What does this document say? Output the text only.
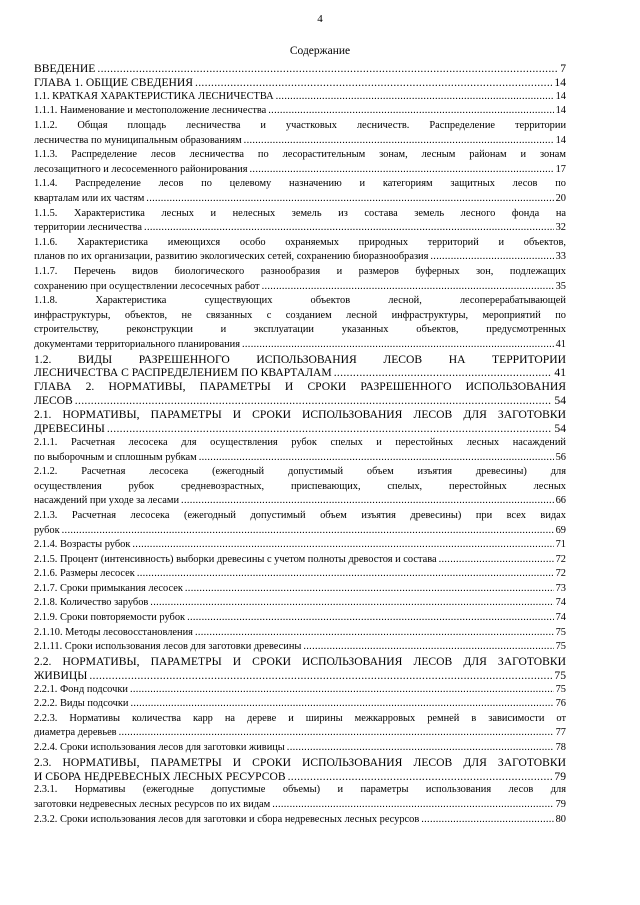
4
Содержание
ВВЕДЕНИЕ .....	7
ГЛАВА 1. ОБЩИЕ СВЕДЕНИЯ .....	14
1.1. КРАТКАЯ ХАРАКТЕРИСТИКА ЛЕСНИЧЕСТВА .....	14
1.1.1. Наименование и местоположение лесничества .....	14
1.1.2. Общая площадь лесничества и участковых лесничеств. Распределение территории
лесничества по муниципальным образованиям .....	14
1.1.3. Распределение лесов лесничества по лесорастительным зонам, лесным районам и зонам
лесозащитного и лесосеменного районирования .....	17
1.1.4. Распределение лесов по целевому назначению и категориям защитных лесов по
кварталам или их частям .....	20
1.1.5. Характеристика лесных и нелесных земель из состава земель лесного фонда на
территории лесничества .....	32
1.1.6. Характеристика имеющихся особо охраняемых природных территорий и объектов,
планов по их организации, развитию экологических сетей, сохранению биоразнообразия .....	33
1.1.7. Перечень видов биологического разнообразия и размеров буферных зон, подлежащих
сохранению при осуществлении лесосечных работ .....	35
1.1.8. Характеристика существующих объектов лесной, лесоперерабатывающей
инфраструктуры, объектов, не связанных с созданием лесной инфраструктуры, мероприятий по
строительству, реконструкции и эксплуатации указанных объектов, предусмотренных
документами территориального планирования .....	41
1.2. ВИДЫ РАЗРЕШЕННОГО ИСПОЛЬЗОВАНИЯ ЛЕСОВ НА ТЕРРИТОРИИ
ЛЕСНИЧЕСТВА С РАСПРЕДЕЛЕНИЕМ ПО КВАРТАЛАМ .....	41
ГЛАВА 2. НОРМАТИВЫ, ПАРАМЕТРЫ И СРОКИ РАЗРЕШЕННОГО ИСПОЛЬЗОВАНИЯ
ЛЕСОВ .....	54
2.1. НОРМАТИВЫ, ПАРАМЕТРЫ И СРОКИ ИСПОЛЬЗОВАНИЯ ЛЕСОВ ДЛЯ ЗАГОТОВКИ
ДРЕВЕСИНЫ .....	54
2.1.1. Расчетная лесосека для осуществления рубок спелых и перестойных лесных насаждений
по выборочным и сплошным рубкам .....	56
2.1.2. Расчетная лесосека (ежегодный допустимый объем изъятия древесины) для
осуществления рубок средневозрастных, приспевающих, спелых, перестойных лесных
насаждений при уходе за лесами .....	66
2.1.3. Расчетная лесосека (ежегодный допустимый объем изъятия древесины) при всех видах
рубок .....	69
2.1.4. Возрасты рубок .....	71
2.1.5. Процент (интенсивность) выборки древесины с учетом полноты древостоя и состава .....	72
2.1.6. Размеры лесосек .....	72
2.1.7. Сроки примыкания лесосек .....	73
2.1.8. Количество зарубов .....	74
2.1.9. Сроки повторяемости рубок .....	74
2.1.10. Методы лесовосстановления .....	75
2.1.11. Сроки использования лесов для заготовки древесины .....	75
2.2. НОРМАТИВЫ, ПАРАМЕТРЫ И СРОКИ ИСПОЛЬЗОВАНИЯ ЛЕСОВ ДЛЯ ЗАГОТОВКИ
ЖИВИЦЫ .....	75
2.2.1. Фонд подсочки .....	75
2.2.2. Виды подсочки .....	76
2.2.3. Нормативы количества карр на дереве и ширины межкарровых ремней в зависимости от
диаметра деревьев .....	77
2.2.4. Сроки использования лесов для заготовки живицы .....	78
2.3. НОРМАТИВЫ, ПАРАМЕТРЫ И СРОКИ ИСПОЛЬЗОВАНИЯ ЛЕСОВ ДЛЯ ЗАГОТОВКИ
И СБОРА НЕДРЕВЕСНЫХ ЛЕСНЫХ РЕСУРСОВ .....	79
2.3.1. Нормативы (ежегодные допустимые объемы) и параметры использования лесов для
заготовки недревесных лесных ресурсов по их видам .....	79
2.3.2. Сроки использования лесов для заготовки и сбора недревесных лесных ресурсов .....	80
